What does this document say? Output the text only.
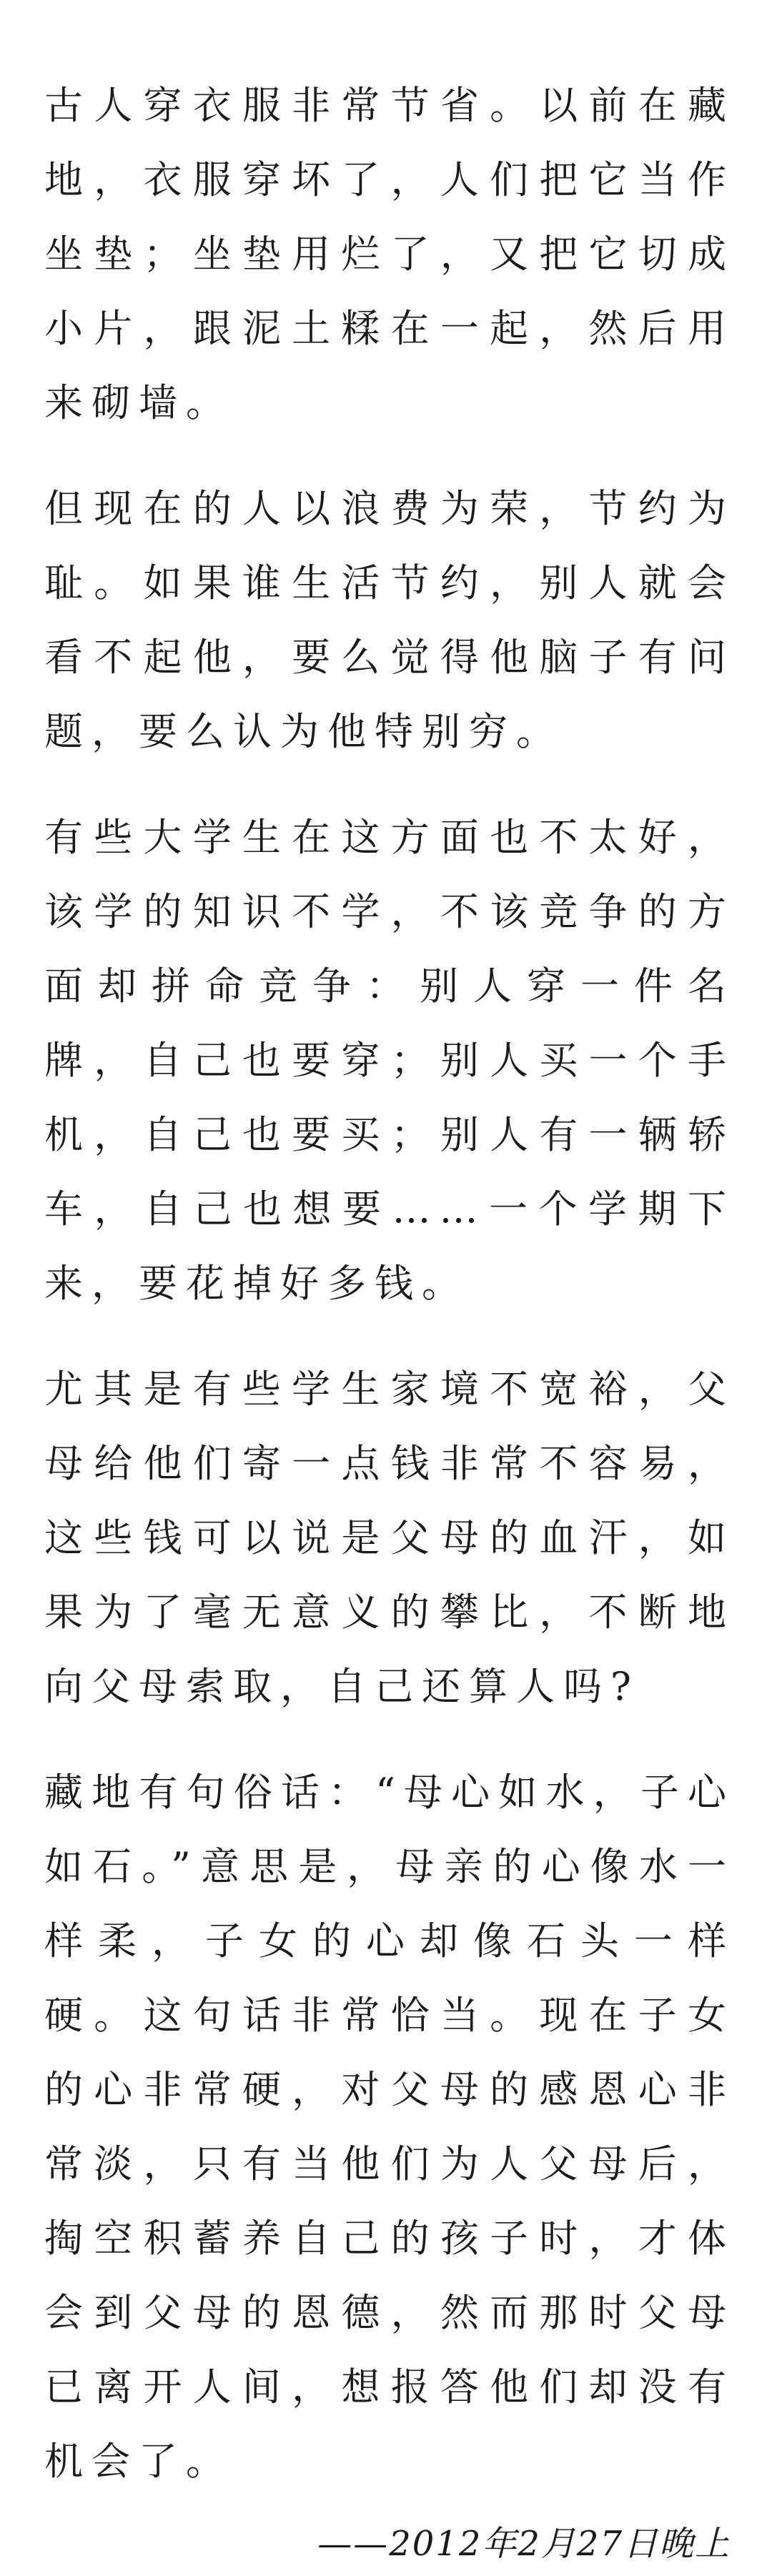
古人穿衣服非常节省。以前在藏地，衣服穿坏了，人们把它当作坐垫；坐垫用烂了，又把它切成小片，跟泥土糅在一起，然后用来砌墙。

但现在的人以浪费为荣，节约为耻。如果谁生活节约，别人就会看不起他，要么觉得他脑子有问题，要么认为他特别穷。

有些大学生在这方面也不太好，该学的知识不学，不该竞争的方面却拼命竞争：别人穿一件名牌，自己也要穿；别人买一个手机，自己也要买；别人有一辆轿车，自己也想要……一个学期下来，要花掉好多钱。

尤其是有些学生家境不宽裕，父母给他们寄一点钱非常不容易，这些钱可以说是父母的血汗，如果为了毫无意义的攀比，不断地向父母索取，自己还算人吗?

藏地有句俗话：“母心如水，子心如石。”意思是，母亲的心像水一样柔，子女的心却像石头一样硬。这句话非常恰当。现在子女的心非常硬，对父母的感恩心非常淡，只有当他们为人父母后，掏空积蓄养自己的孩子时，才体会到父母的恩德，然而那时父母已离开人间，想报答他们却没有机会了。

——2012年2月27日晚上
